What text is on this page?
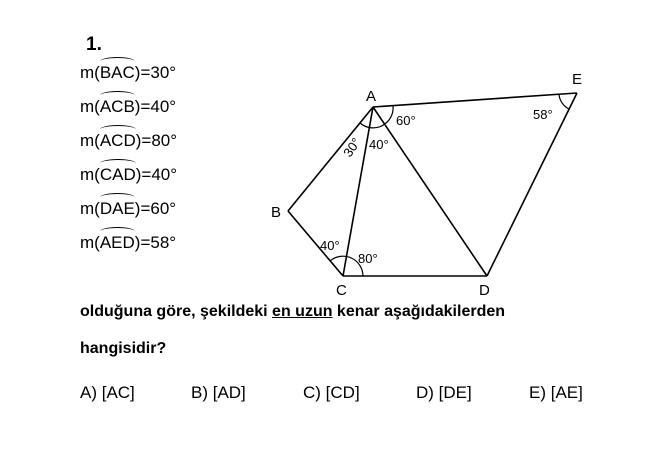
1.
m(BAC)=30°
m(ACB)=40°
m(ACD)=80°
m(CAD)=40°
m(DAE)=60°
m(AED)=58°
A
B
C	D
E
60°
40°
30°
40°
80°
58°
olduğuna göre, şekildeki en uzun kenar aşağıdakilerden
hangisidir?
A) [AC]	B) [AD]	C) [CD]	D) [DE]	E) [AE]
